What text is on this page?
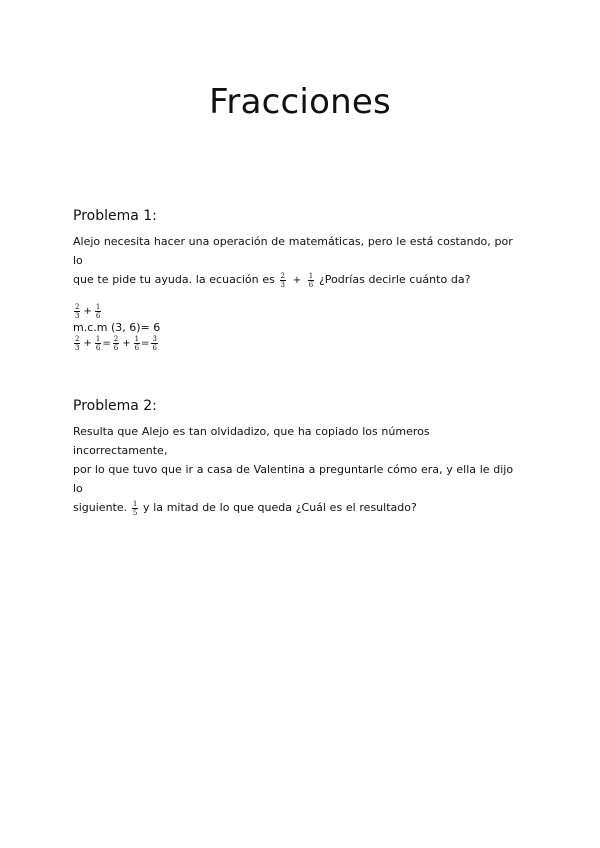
Fracciones
Problema 1:
Alejo necesita hacer una operación de matemáticas, pero le está costando, por lo
que te pide tu ayuda. la ecuación es $\frac{2}{3} + \frac{1}{6}$ ¿Podrías decirle cuánto da?
$\frac{2}{3} + \frac{1}{6}$
m.c.m (3, 6)= 6
$\frac{2}{3} + \frac{1}{6} = \frac{2}{6} + \frac{1}{6} = \frac{3}{6}$
Problema 2:
Resulta que Alejo es tan olvidadizo, que ha copiado los números incorrectamente,
por lo que tuvo que ir a casa de Valentina a preguntarle cómo era, y ella le dijo lo
siguiente. $\frac{1}{5}$ y la mitad de lo que queda ¿Cuál es el resultado?
